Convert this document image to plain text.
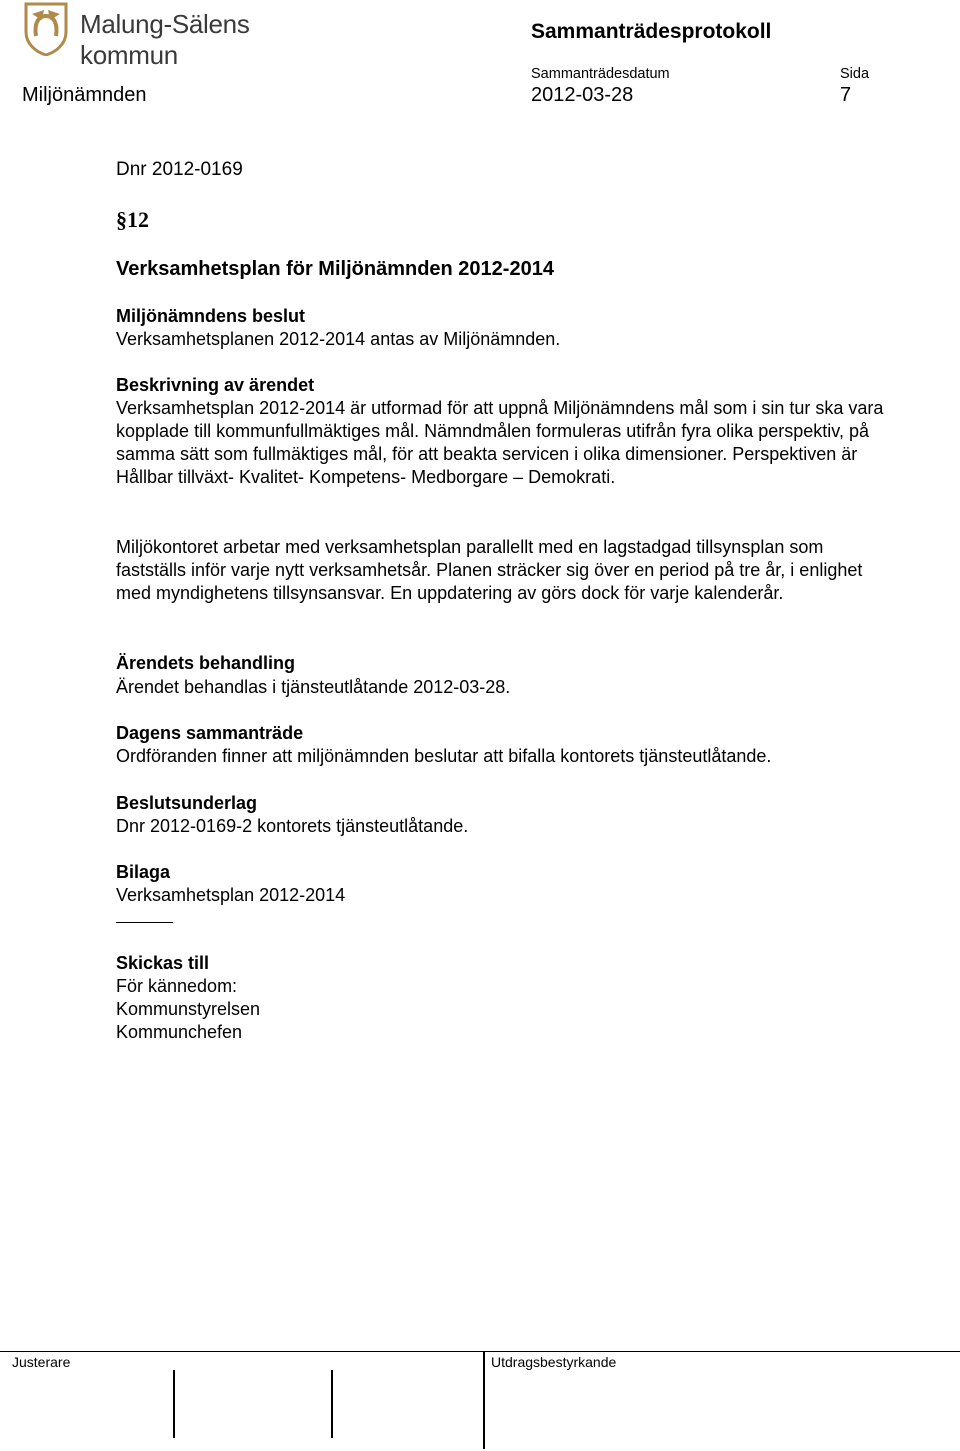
Malung-Sälens kommun
Sammanträdesprotokoll
Sammanträdesdatum	Sida
Miljönämnden	2012-03-28	7
Dnr 2012-0169
§12
Verksamhetsplan för Miljönämnden 2012-2014
Miljönämndens beslut
Verksamhetsplanen 2012-2014 antas av Miljönämnden.
Beskrivning av ärendet

Verksamhetsplan 2012-2014 är utformad för att uppnå Miljönämndens mål som i sin tur ska vara kopplade till kommunfullmäktiges mål. Nämndmålen formuleras utifrån fyra olika perspektiv, på samma sätt som fullmäktiges mål, för att beakta servicen i olika dimensioner. Perspektiven är Hållbar tillväxt- Kvalitet- Kompetens- Medborgare – Demokrati.

Miljökontoret arbetar med verksamhetsplan parallellt med en lagstadgad tillsynsplan som fastställs inför varje nytt verksamhetsår. Planen sträcker sig över en period på tre år, i enlighet med myndighetens tillsynsansvar. En uppdatering av görs dock för varje kalenderår.

Ärendets behandling
Ärendet behandlas i tjänsteutlåtande 2012-03-28.
Dagens sammanträde
Ordföranden finner att miljönämnden beslutar att bifalla kontorets tjänsteutlåtande.
Beslutsunderlag
Dnr 2012-0169-2 kontorets tjänsteutlåtande.
Bilaga
Verksamhetsplan 2012-2014
Skickas till
För kännedom:
Kommunstyrelsen
Kommunchefen
Justerare	Utdragsbestyrkande
